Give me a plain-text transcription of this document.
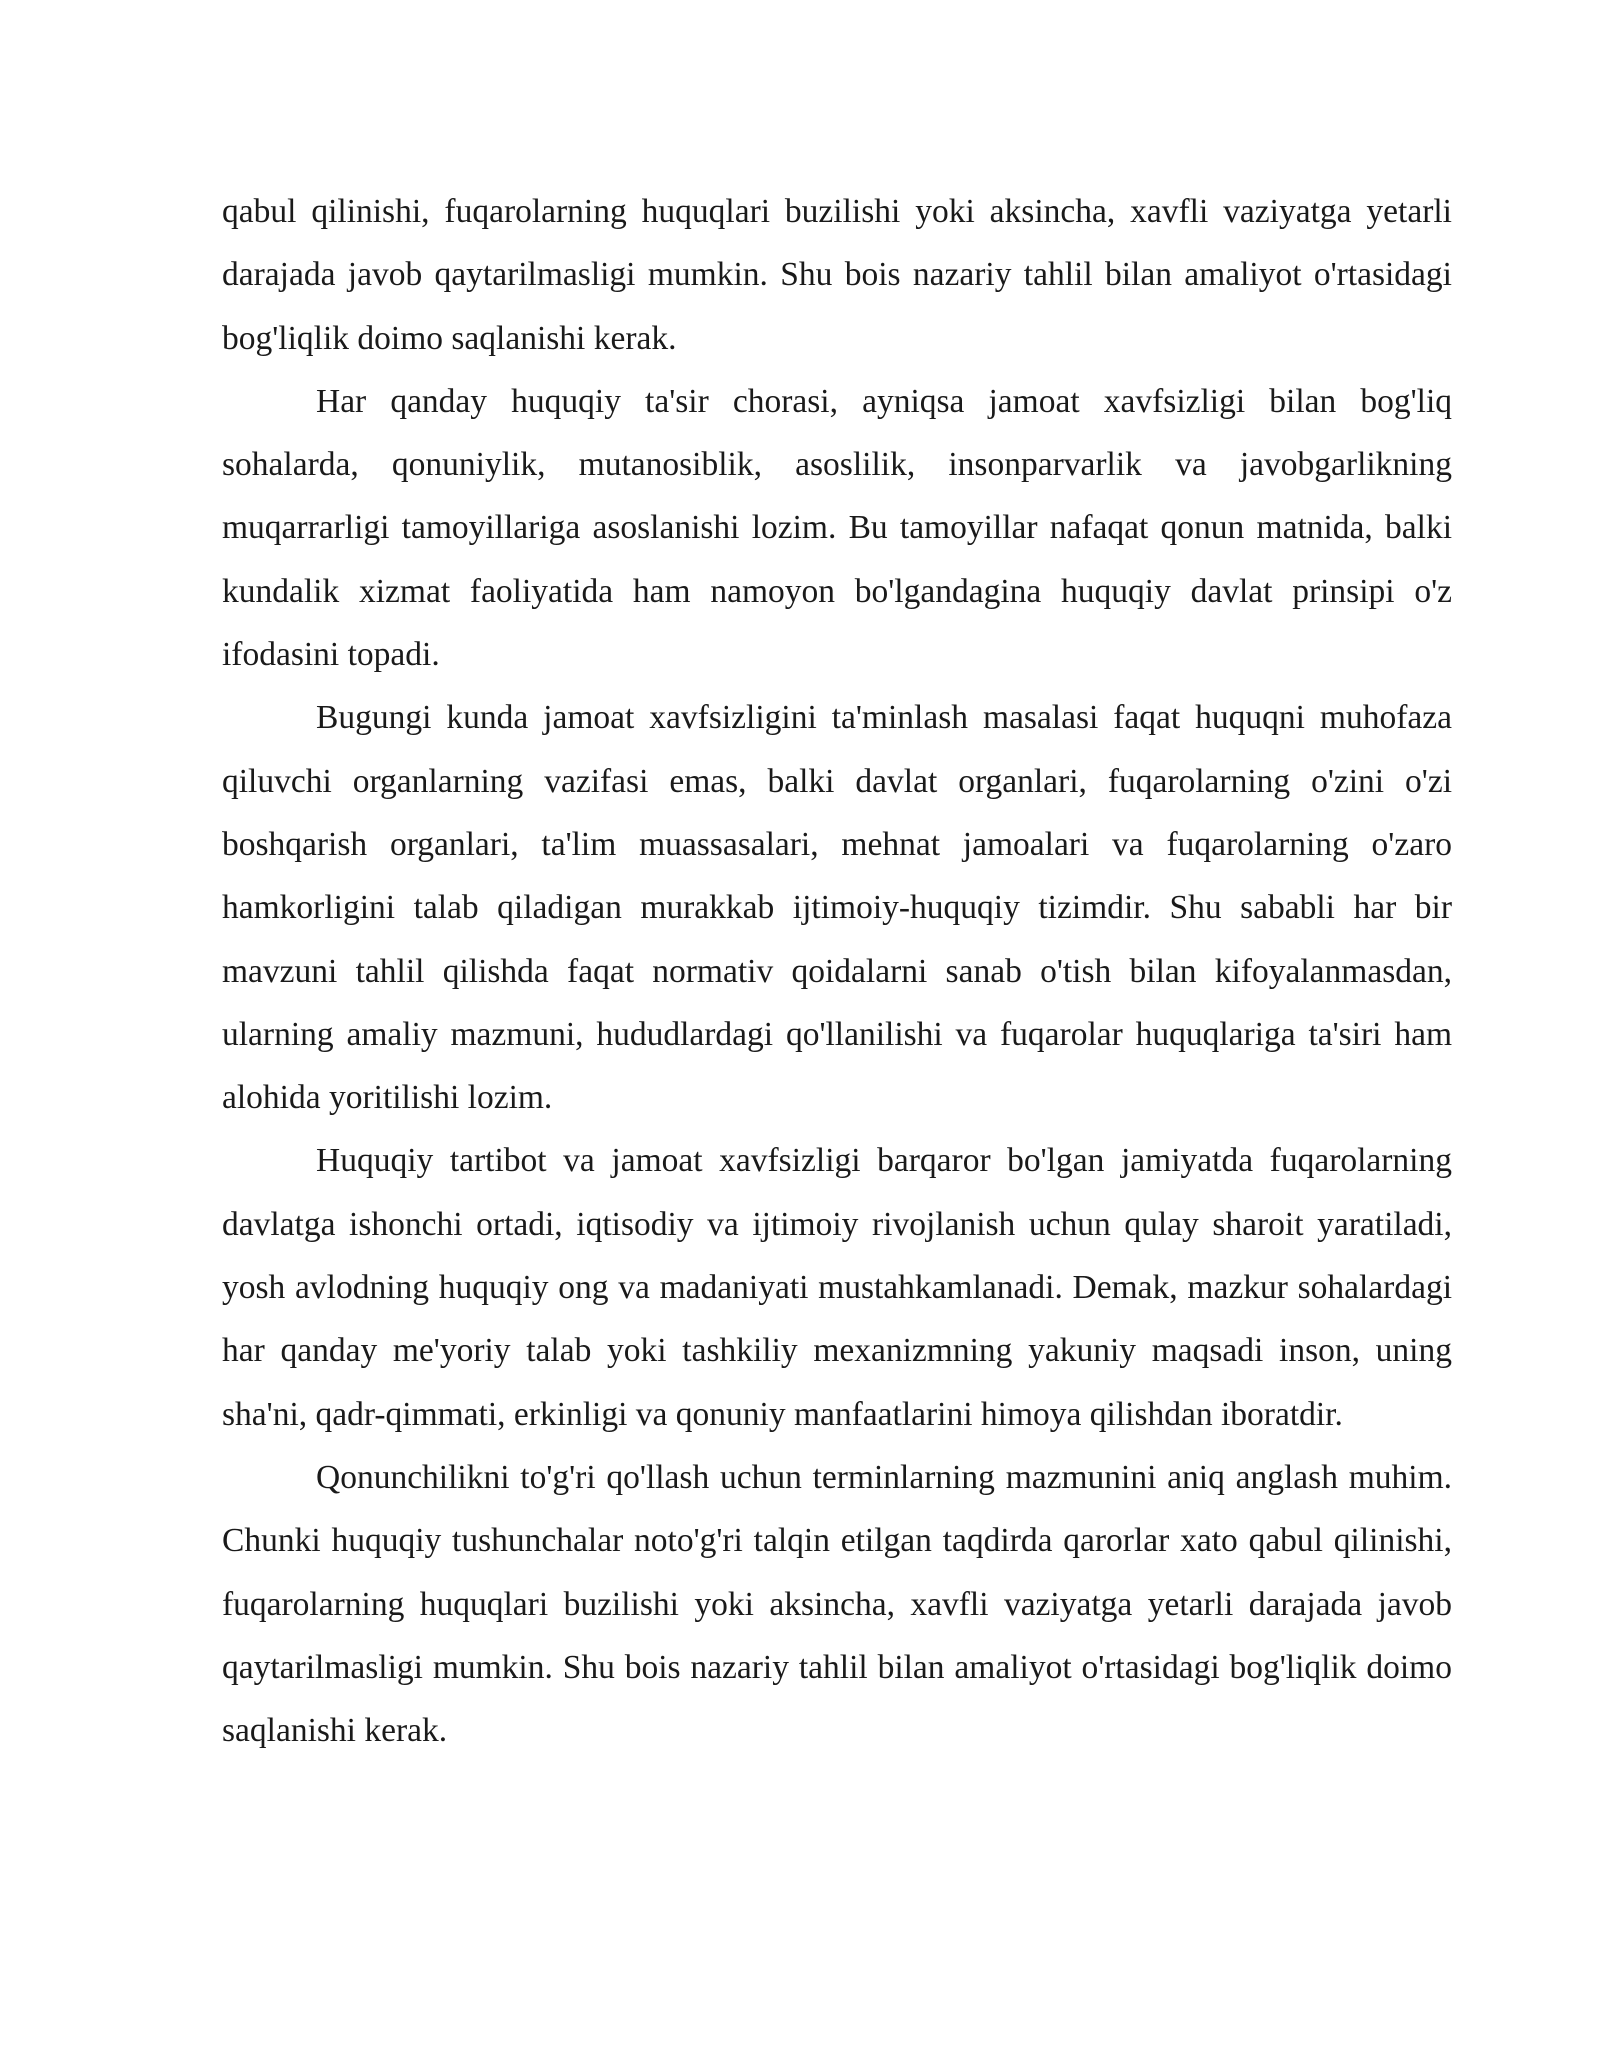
qabul qilinishi, fuqarolarning huquqlari buzilishi yoki aksincha, xavfli vaziyatga yetarli darajada javob qaytarilmasligi mumkin. Shu bois nazariy tahlil bilan amaliyot o'rtasidagi bog'liqlik doimo saqlanishi kerak.

Har qanday huquqiy ta'sir chorasi, ayniqsa jamoat xavfsizligi bilan bog'liq sohalarda, qonuniylik, mutanosiblik, asoslilik, insonparvarlik va javobgarlikning muqarrarligi tamoyillariga asoslanishi lozim. Bu tamoyillar nafaqat qonun matnida, balki kundalik xizmat faoliyatida ham namoyon bo'lgandagina huquqiy davlat prinsipi o'z ifodasini topadi.

Bugungi kunda jamoat xavfsizligini ta'minlash masalasi faqat huquqni muhofaza qiluvchi organlarning vazifasi emas, balki davlat organlari, fuqarolarning o'zini o'zi boshqarish organlari, ta'lim muassasalari, mehnat jamoalari va fuqarolarning o'zaro hamkorligini talab qiladigan murakkab ijtimoiy-huquqiy tizimdir. Shu sababli har bir mavzuni tahlil qilishda faqat normativ qoidalarni sanab o'tish bilan kifoyalanmasdan, ularning amaliy mazmuni, hududlardagi qo'llanilishi va fuqarolar huquqlariga ta'siri ham alohida yoritilishi lozim.

Huquqiy tartibot va jamoat xavfsizligi barqaror bo'lgan jamiyatda fuqarolarning davlatga ishonchi ortadi, iqtisodiy va ijtimoiy rivojlanish uchun qulay sharoit yaratiladi, yosh avlodning huquqiy ong va madaniyati mustahkamlanadi. Demak, mazkur sohalardagi har qanday me'yoriy talab yoki tashkiliy mexanizmning yakuniy maqsadi inson, uning sha'ni, qadr-qimmati, erkinligi va qonuniy manfaatlarini himoya qilishdan iboratdir.

Qonunchilikni to'g'ri qo'llash uchun terminlarning mazmunini aniq anglash muhim. Chunki huquqiy tushunchalar noto'g'ri talqin etilgan taqdirda qarorlar xato qabul qilinishi, fuqarolarning huquqlari buzilishi yoki aksincha, xavfli vaziyatga yetarli darajada javob qaytarilmasligi mumkin. Shu bois nazariy tahlil bilan amaliyot o'rtasidagi bog'liqlik doimo saqlanishi kerak.
